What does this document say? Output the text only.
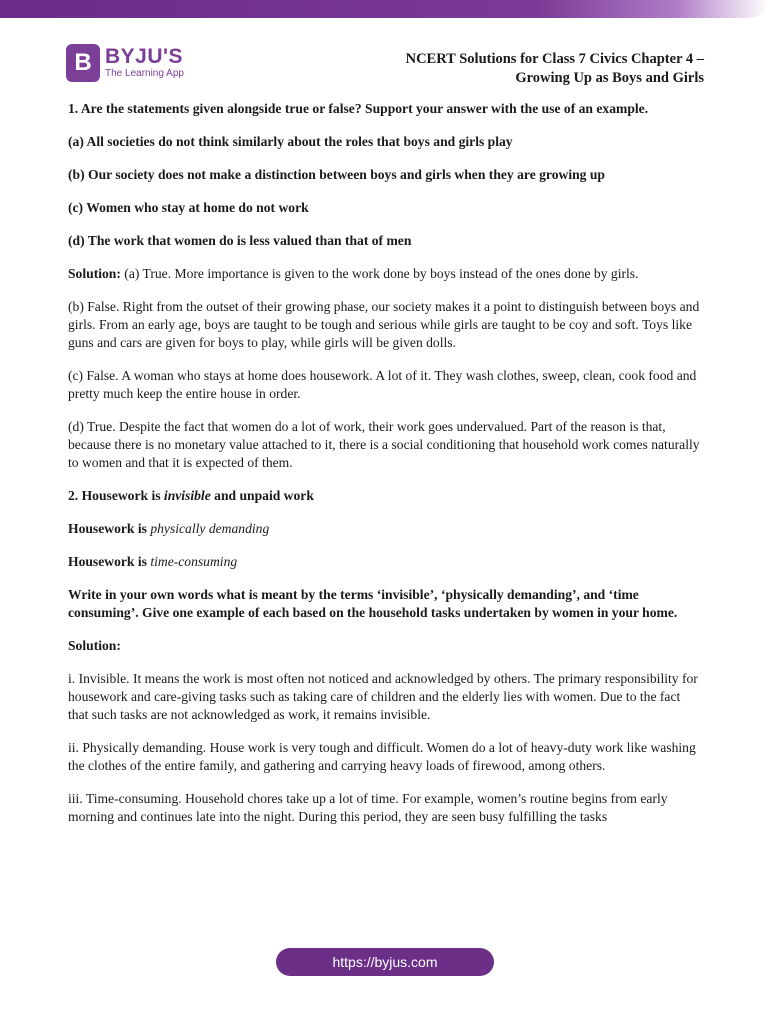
B BYJU'S
The Learning App
NCERT Solutions for Class 7 Civics Chapter 4 –
Growing Up as Boys and Girls

1. Are the statements given alongside true or false? Support your answer with the use of an example.

(a) All societies do not think similarly about the roles that boys and girls play

(b) Our society does not make a distinction between boys and girls when they are growing up

(c) Women who stay at home do not work

(d) The work that women do is less valued than that of men

Solution: (a) True. More importance is given to the work done by boys instead of the ones done by girls.

(b) False. Right from the outset of their growing phase, our society makes it a point to distinguish between boys and girls. From an early age, boys are taught to be tough and serious while girls are taught to be coy and soft. Toys like guns and cars are given for boys to play, while girls will be given dolls.

(c) False. A woman who stays at home does housework. A lot of it. They wash clothes, sweep, clean, cook food and pretty much keep the entire house in order.

(d) True. Despite the fact that women do a lot of work, their work goes undervalued. Part of the reason is that, because there is no monetary value attached to it, there is a social conditioning that household work comes naturally to women and that it is expected of them.

2. Housework is invisible and unpaid work

Housework is physically demanding

Housework is time-consuming

Write in your own words what is meant by the terms ‘invisible’, ‘physically demanding’, and ‘time consuming’. Give one example of each based on the household tasks undertaken by women in your home.

Solution:

i. Invisible. It means the work is most often not noticed and acknowledged by others. The primary responsibility for housework and care-giving tasks such as taking care of children and the elderly lies with women. Due to the fact that such tasks are not acknowledged as work, it remains invisible.

ii. Physically demanding. House work is very tough and difficult. Women do a lot of heavy-duty work like washing the clothes of the entire family, and gathering and carrying heavy loads of firewood, among others.

iii. Time-consuming. Household chores take up a lot of time. For example, women’s routine begins from early morning and continues late into the night. During this period, they are seen busy fulfilling the tasks

https://byjus.com
